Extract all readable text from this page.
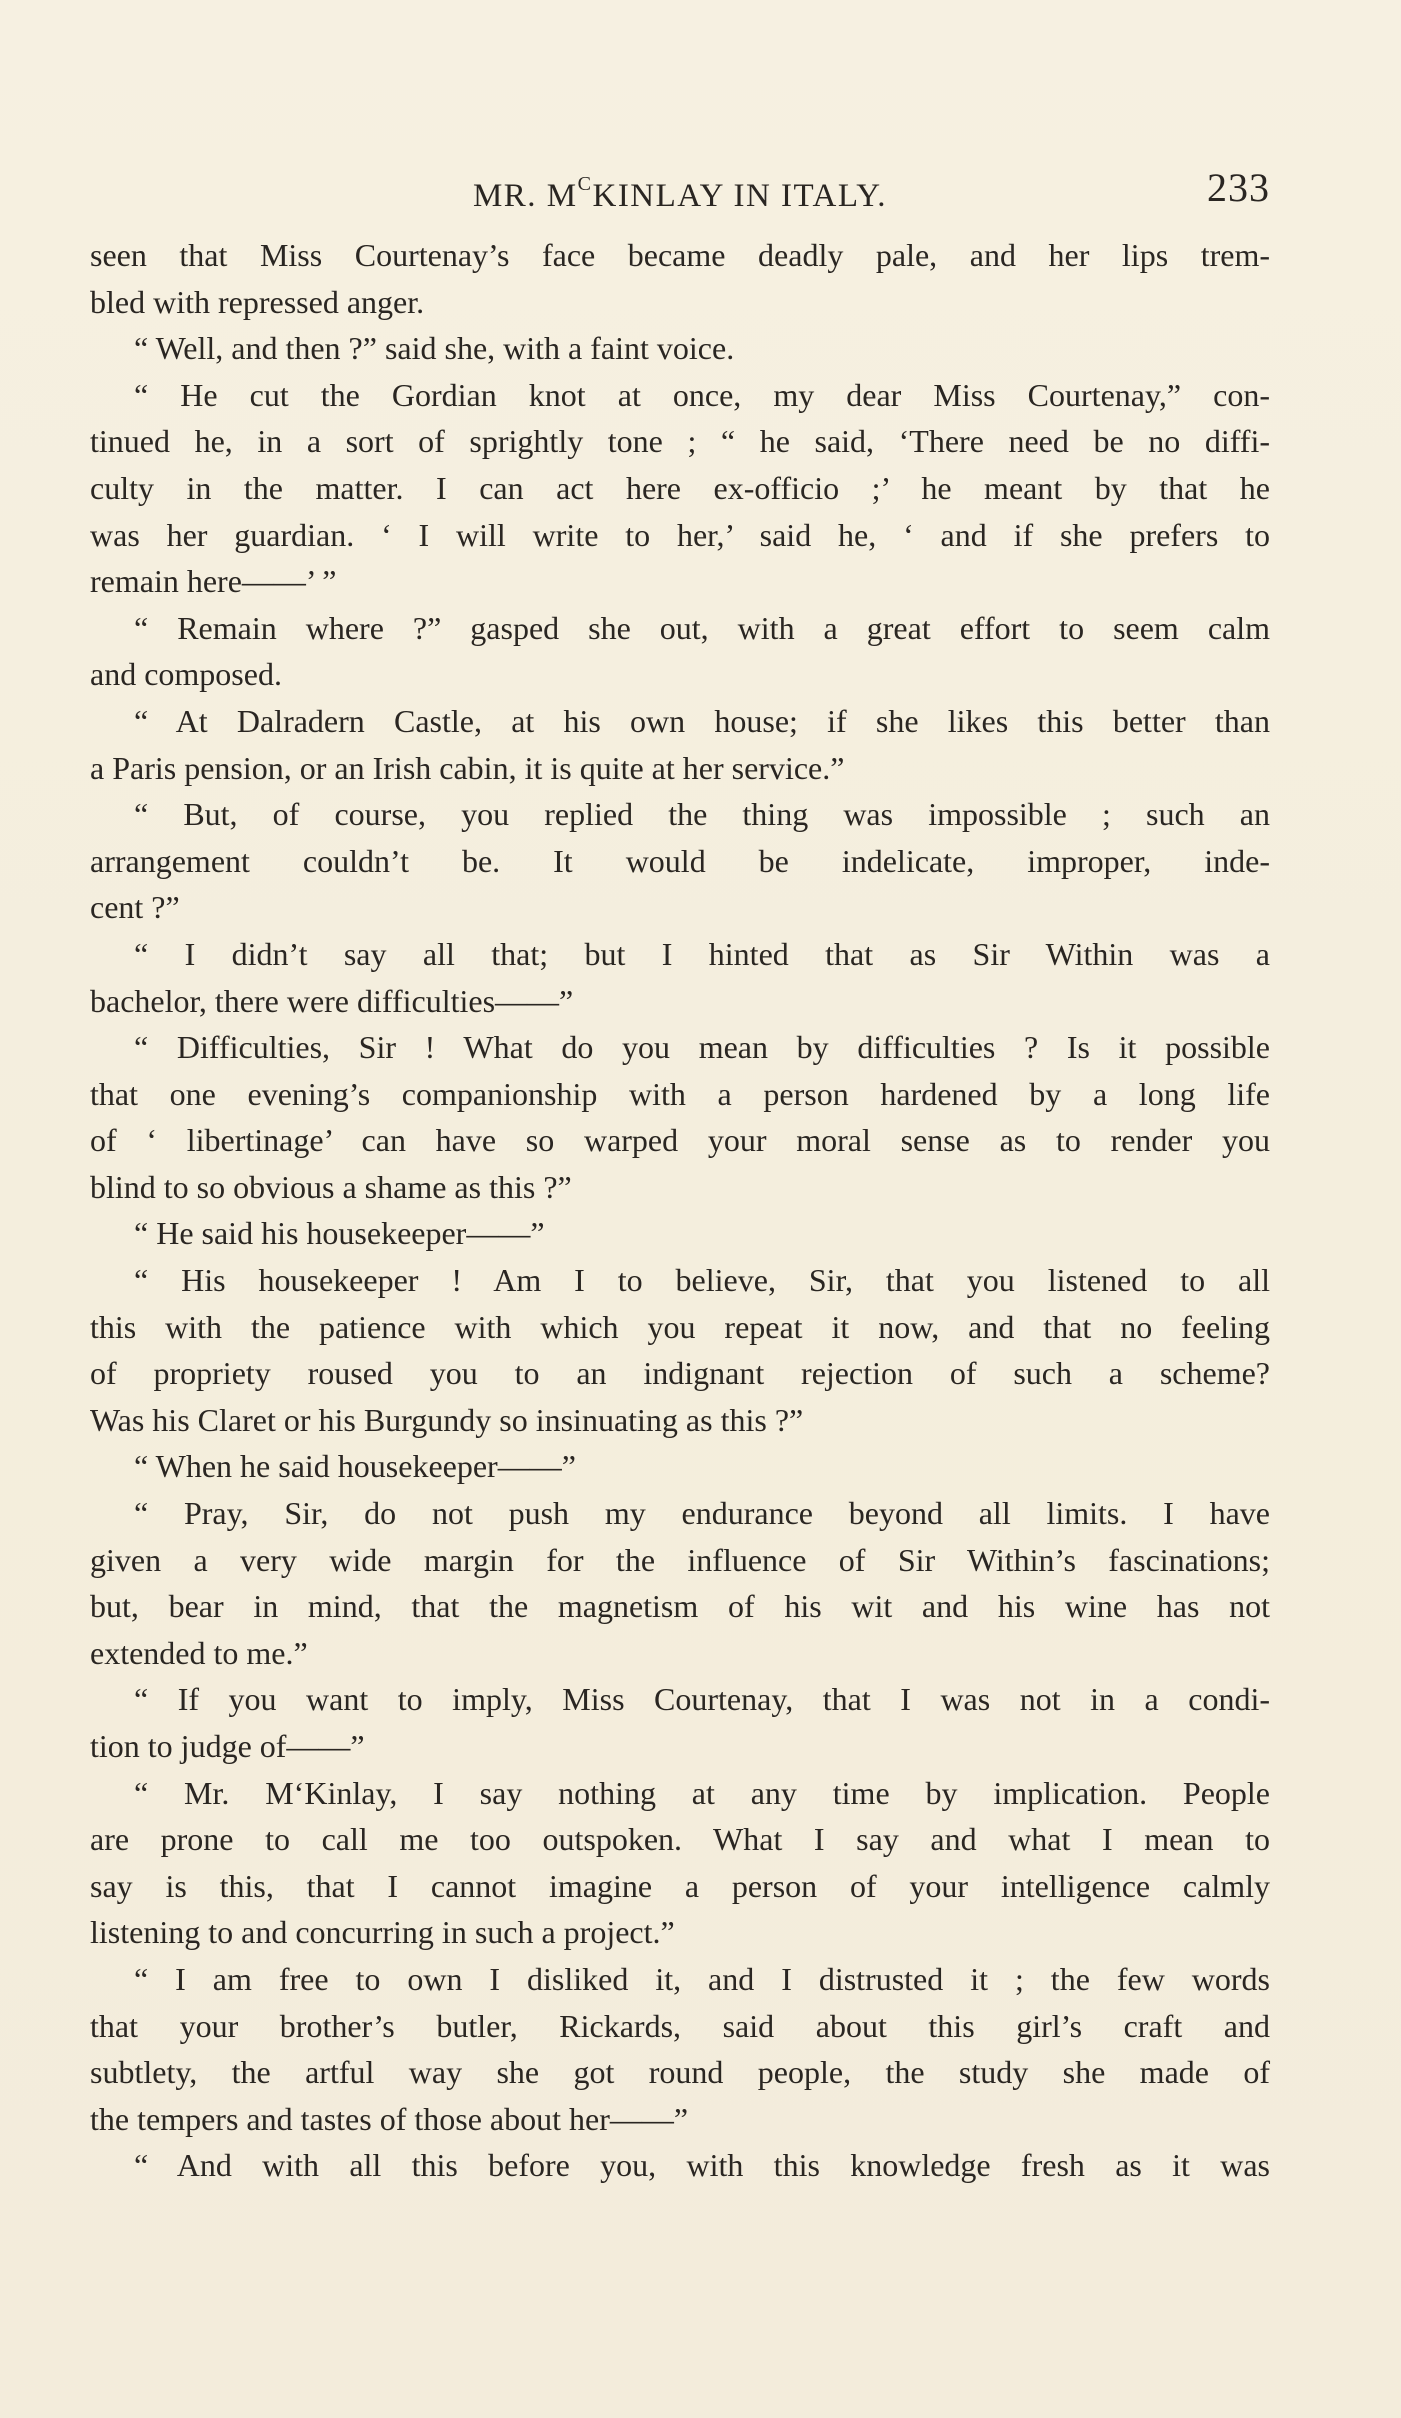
MR. $M^CKINLAY$ IN ITALY.	233
seen that Miss Courtenay’s face became deadly pale, and her lips trem-
bled with repressed anger.
“ Well, and then ?” said she, with a faint voice.
“ He cut the Gordian knot at once, my dear Miss Courtenay,” con-
tinued he, in a sort of sprightly tone ; “ he said, ‘There need be no diffi-
culty in the matter. I can act here ex-officio ;’ he meant by that he
was her guardian. ‘ I will write to her,’ said he, ‘ and if she prefers to
remain here——’ ”
“ Remain where ?” gasped she out, with a great effort to seem calm
and composed.
“ At Dalradern Castle, at his own house; if she likes this better than
a Paris pension, or an Irish cabin, it is quite at her service.”
“ But, of course, you replied the thing was impossible ; such an
arrangement couldn’t be. It would be indelicate, improper, inde-
cent ?”
“ I didn’t say all that; but I hinted that as Sir Within was a
bachelor, there were difficulties——”
“ Difficulties, Sir ! What do you mean by difficulties ? Is it possible
that one evening’s companionship with a person hardened by a long life
of ‘ libertinage’ can have so warped your moral sense as to render you
blind to so obvious a shame as this ?”
“ He said his housekeeper——”
“ His housekeeper ! Am I to believe, Sir, that you listened to all
this with the patience with which you repeat it now, and that no feeling
of propriety roused you to an indignant rejection of such a scheme?
Was his Claret or his Burgundy so insinuating as this ?”
“ When he said housekeeper——”
“ Pray, Sir, do not push my endurance beyond all limits. I have
given a very wide margin for the influence of Sir Within’s fascinations;
but, bear in mind, that the magnetism of his wit and his wine has not
extended to me.”
“ If you want to imply, Miss Courtenay, that I was not in a condi-
tion to judge of——”
“ Mr. M‘Kinlay, I say nothing at any time by implication. People
are prone to call me too outspoken. What I say and what I mean to
say is this, that I cannot imagine a person of your intelligence calmly
listening to and concurring in such a project.”
“ I am free to own I disliked it, and I distrusted it ; the few words
that your brother’s butler, Rickards, said about this girl’s craft and
subtlety, the artful way she got round people, the study she made of
the tempers and tastes of those about her——”
“ And with all this before you, with this knowledge fresh as it was
